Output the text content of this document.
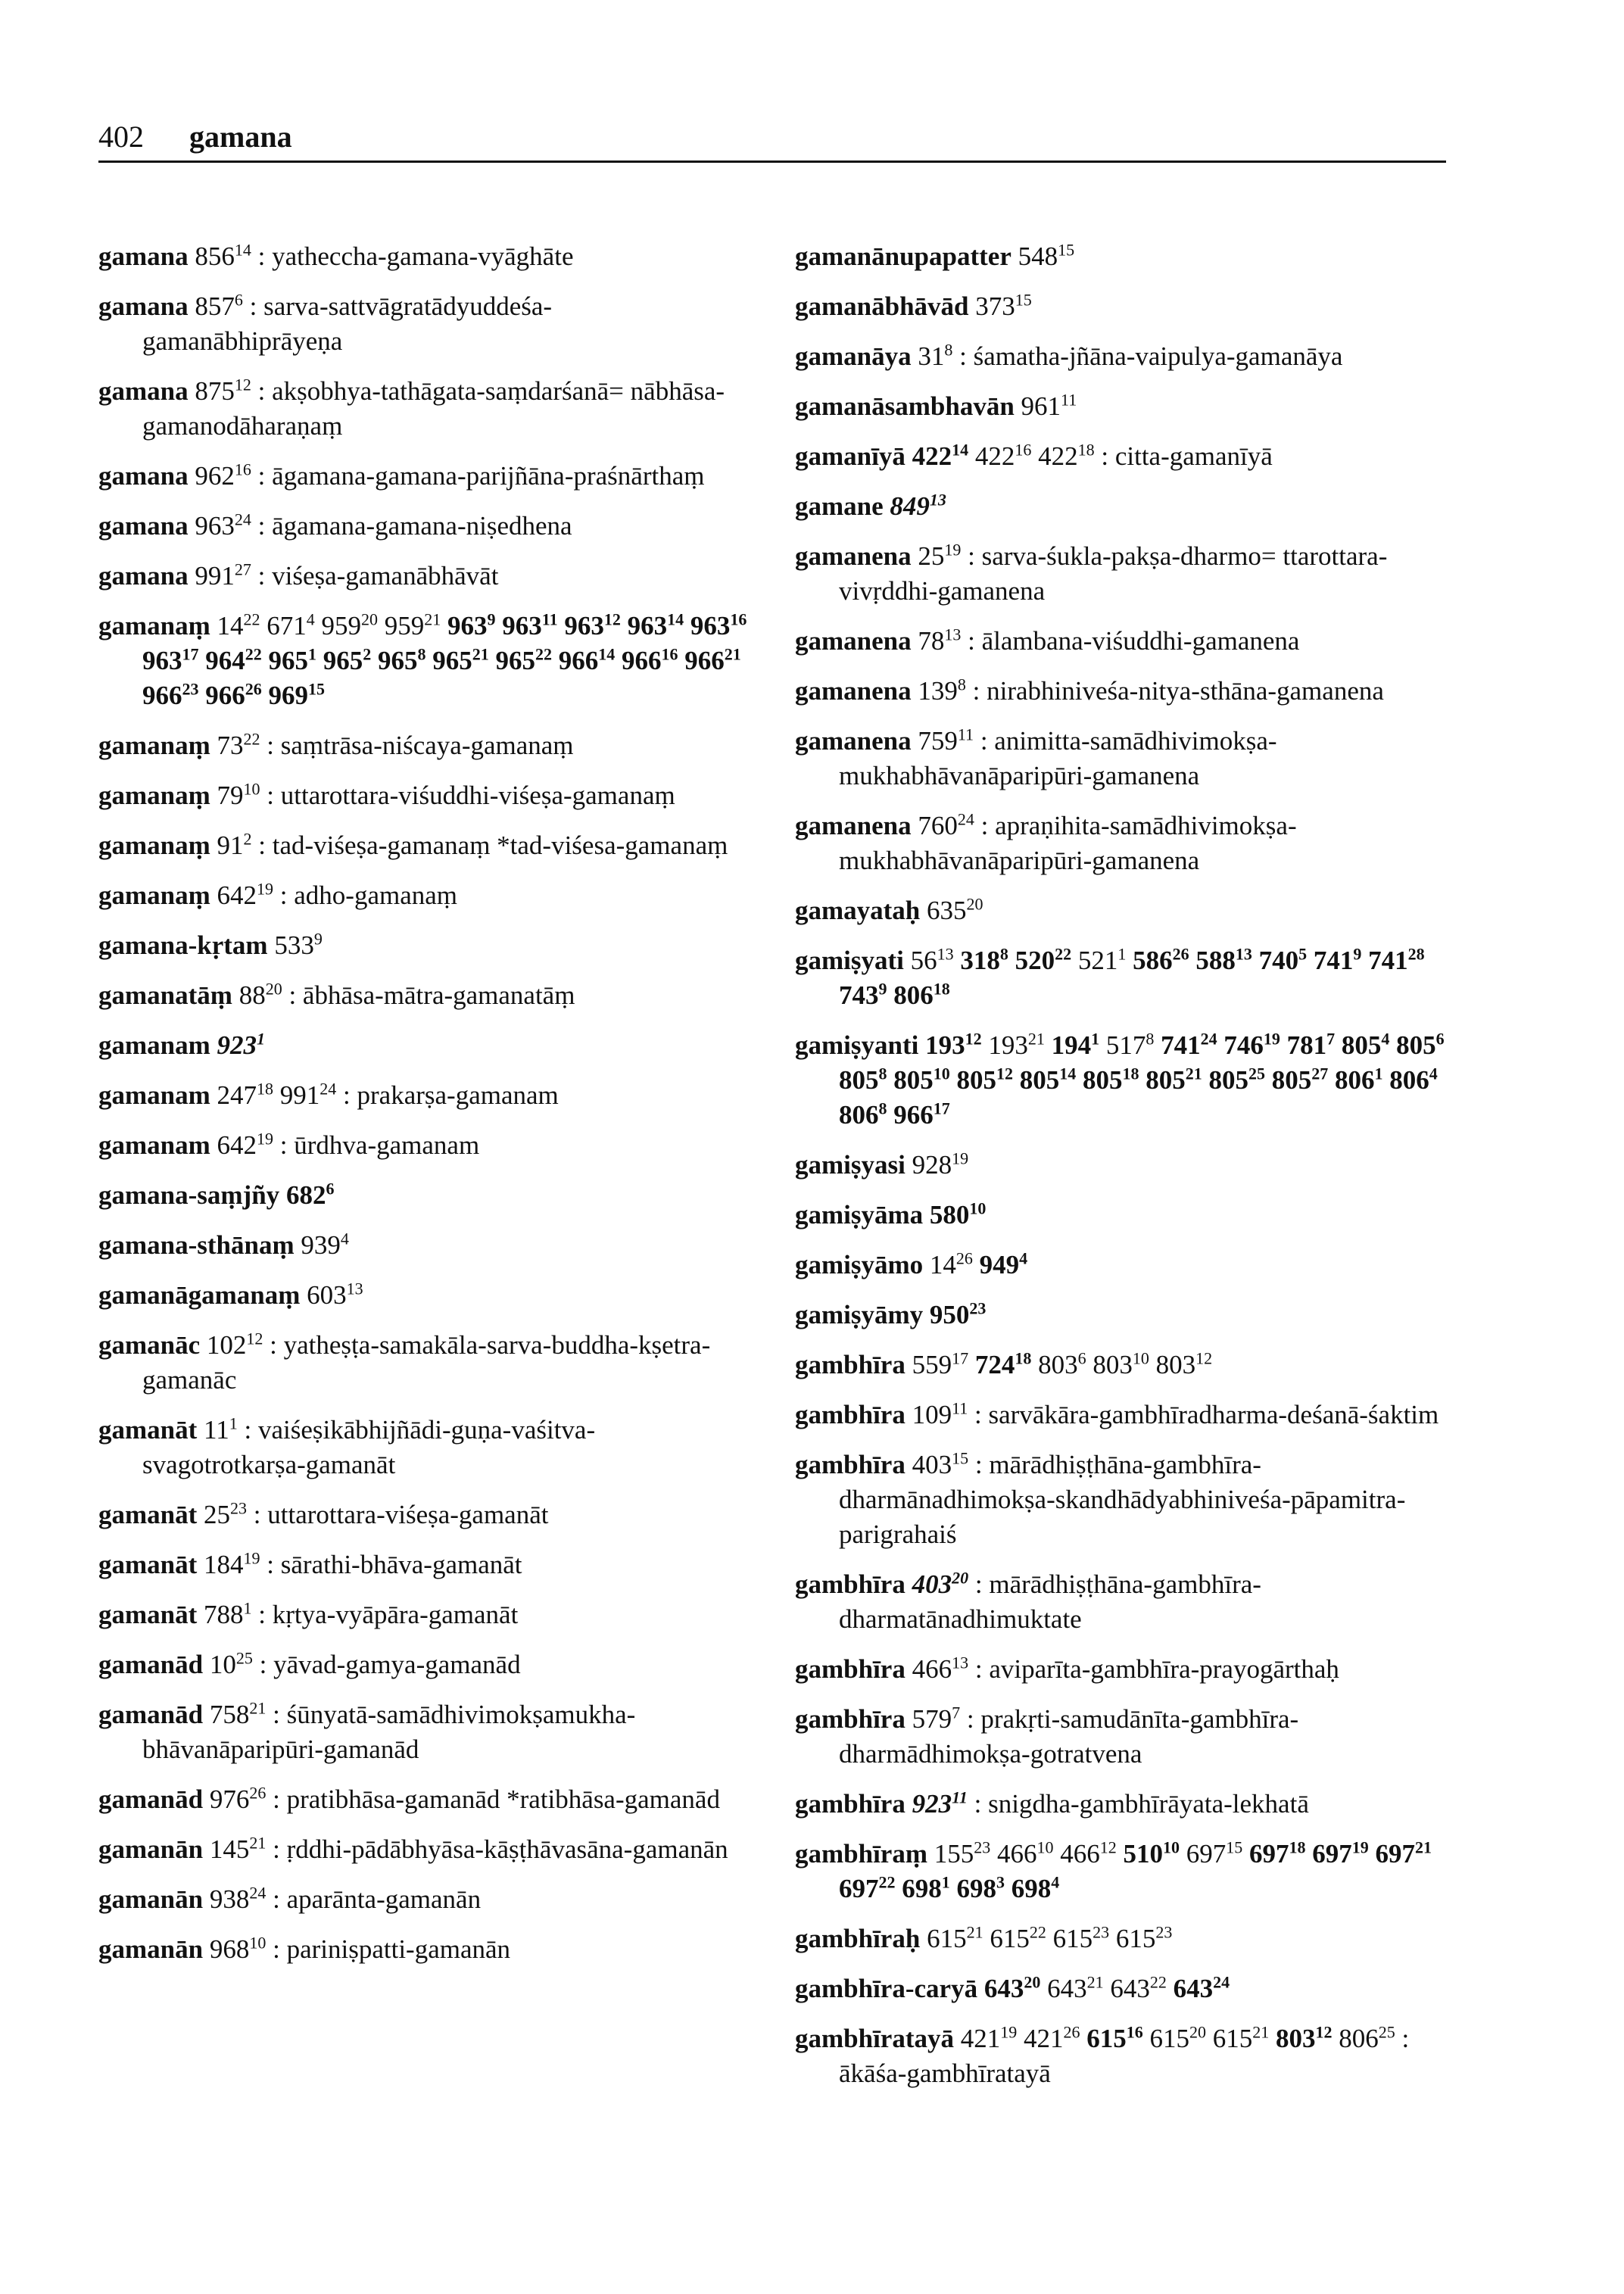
402 gamana
gamana $856^{14}$ : yatheccha-gamana-vyāghāte
gamana $857^6$ : sarva-sattvāgratādyuddeśa-gamanābhiprāyeṇa
gamana $875^{12}$ : akṣobhya-tathāgata-saṃdarśanā= nābhāsa-gamanodāharaṇaṃ
gamana $962^{16}$ : āgamana-gamana-parijñāna-praśnārthaṃ
gamana $963^{24}$ : āgamana-gamana-niṣedhena
gamana $991^{27}$ : viśeṣa-gamanābhāvāt
gamanaṃ $14^{22}$ $671^4$ $959^{20}$ $959^{21}$ $963^9$ $963^{11}$ $963^{12}$ $963^{14}$ $963^{16}$ $963^{17}$ $964^{22}$ $965^1$ $965^2$ $965^8$ $965^{21}$ $965^{22}$ $966^{14}$ $966^{16}$ $966^{21}$ $966^{23}$ $966^{26}$ $969^{15}$
gamanaṃ $73^{22}$ : saṃtrāsa-niścaya-gamanaṃ
gamanaṃ $79^{10}$ : uttarottara-viśuddhi-viśeṣa-gamanaṃ
gamanaṃ $91^2$ : tad-viśeṣa-gamanaṃ *tad-viśesa-gamanaṃ
gamanaṃ $642^{19}$ : adho-gamanaṃ
gamana-kṛtam $533^9$
gamanatāṃ $88^{20}$ : ābhāsa-mātra-gamanatāṃ
gamanam $923^1$
gamanam $247^{18}$ $991^{24}$ : prakarṣa-gamanam
gamanam $642^{19}$ : ūrdhva-gamanam
gamana-saṃjñy $682^6$
gamana-sthānaṃ $939^4$
gamanāgamanaṃ $603^{13}$
gamanāc $102^{12}$ : yatheṣṭa-samakāla-sarva-buddha-kṣetra-gamanāc
gamanāt $11^1$ : vaiśeṣikābhijñādi-guṇa-vaśitva-svagotrotkarṣa-gamanāt
gamanāt $25^{23}$ : uttarottara-viśeṣa-gamanāt
gamanāt $184^{19}$ : sārathi-bhāva-gamanāt
gamanāt $788^1$ : kṛtya-vyāpāra-gamanāt
gamanād $10^{25}$ : yāvad-gamya-gamanād
gamanād $758^{21}$ : śūnyatā-samādhivimokṣamukha-bhāvanāparipūri-gamanād
gamanād $976^{26}$ : pratibhāsa-gamanād *ratibhāsa-gamanād
gamanān $145^{21}$ : ṛddhi-pādābhyāsa-kāṣṭhāvasāna-gamanān
gamanān $938^{24}$ : aparānta-gamanān
gamanān $968^{10}$ : pariniṣpatti-gamanān
gamanānupapatter $548^{15}$
gamanābhāvād $373^{15}$
gamanāya $31^8$ : śamatha-jñāna-vaipulya-gamanāya
gamanāsambhavān $961^{11}$
gamanīyā $422^{14}$ $422^{16}$ $422^{18}$ : citta-gamanīyā
gamane $849^{13}$
gamanena $25^{19}$ : sarva-śukla-pakṣa-dharmo= ttarottara-vivṛddhi-gamanena
gamanena $78^{13}$ : ālambana-viśuddhi-gamanena
gamanena $139^8$ : nirabhiniveśa-nitya-sthāna-gamanena
gamanena $759^{11}$ : animitta-samādhivimokṣa-mukhabhāvanāparipūri-gamanena
gamanena $760^{24}$ : apraṇihita-samādhivimokṣa-mukhabhāvanāparipūri-gamanena
gamayataḥ $635^{20}$
gamiṣyati $56^{13}$ $318^8$ $520^{22}$ $521^1$ $586^{26}$ $588^{13}$ $740^5$ $741^9$ $741^{28}$ $743^9$ $806^{18}$
gamiṣyanti $193^{12}$ $193^{21}$ $194^1$ $517^8$ $741^{24}$ $746^{19}$ $781^7$ $805^4$ $805^6$ $805^8$ $805^{10}$ $805^{12}$ $805^{14}$ $805^{18}$ $805^{21}$ $805^{25}$ $805^{27}$ $806^1$ $806^4$ $806^8$ $966^{17}$
gamiṣyasi $928^{19}$
gamiṣyāma $580^{10}$
gamiṣyāmo $14^{26}$ $949^4$
gamiṣyāmy $950^{23}$
gambhīra $559^{17}$ $724^{18}$ $803^6$ $803^{10}$ $803^{12}$
gambhīra $109^{11}$ : sarvākāra-gambhīradharma-deśanā-śaktim
gambhīra $403^{15}$ : mārādhiṣṭhāna-gambhīra-dharmānadhimokṣa-skandhādyabhiniveśa-pāpamitra-parigrahaiś
gambhīra $403^{20}$ : mārādhiṣṭhāna-gambhīra-dharmatānadhimuktate
gambhīra $466^{13}$ : aviparīta-gambhīra-prayogārthaḥ
gambhīra $579^7$ : prakṛti-samudānīta-gambhīra-dharmādhimokṣa-gotratvena
gambhīra $923^{11}$ : snigdha-gambhīrāyata-lekhatā
gambhīraṃ $155^{23}$ $466^{10}$ $466^{12}$ $510^{10}$ $697^{15}$ $697^{18}$ $697^{19}$ $697^{21}$ $697^{22}$ $698^1$ $698^3$ $698^4$
gambhīraḥ $615^{21}$ $615^{22}$ $615^{23}$ $615^{23}$
gambhīra-caryā $643^{20}$ $643^{21}$ $643^{22}$ $643^{24}$
gambhīratayā $421^{19}$ $421^{26}$ $615^{16}$ $615^{20}$ $615^{21}$ $803^{12}$ $806^{25}$ : ākāśa-gambhīratayā
